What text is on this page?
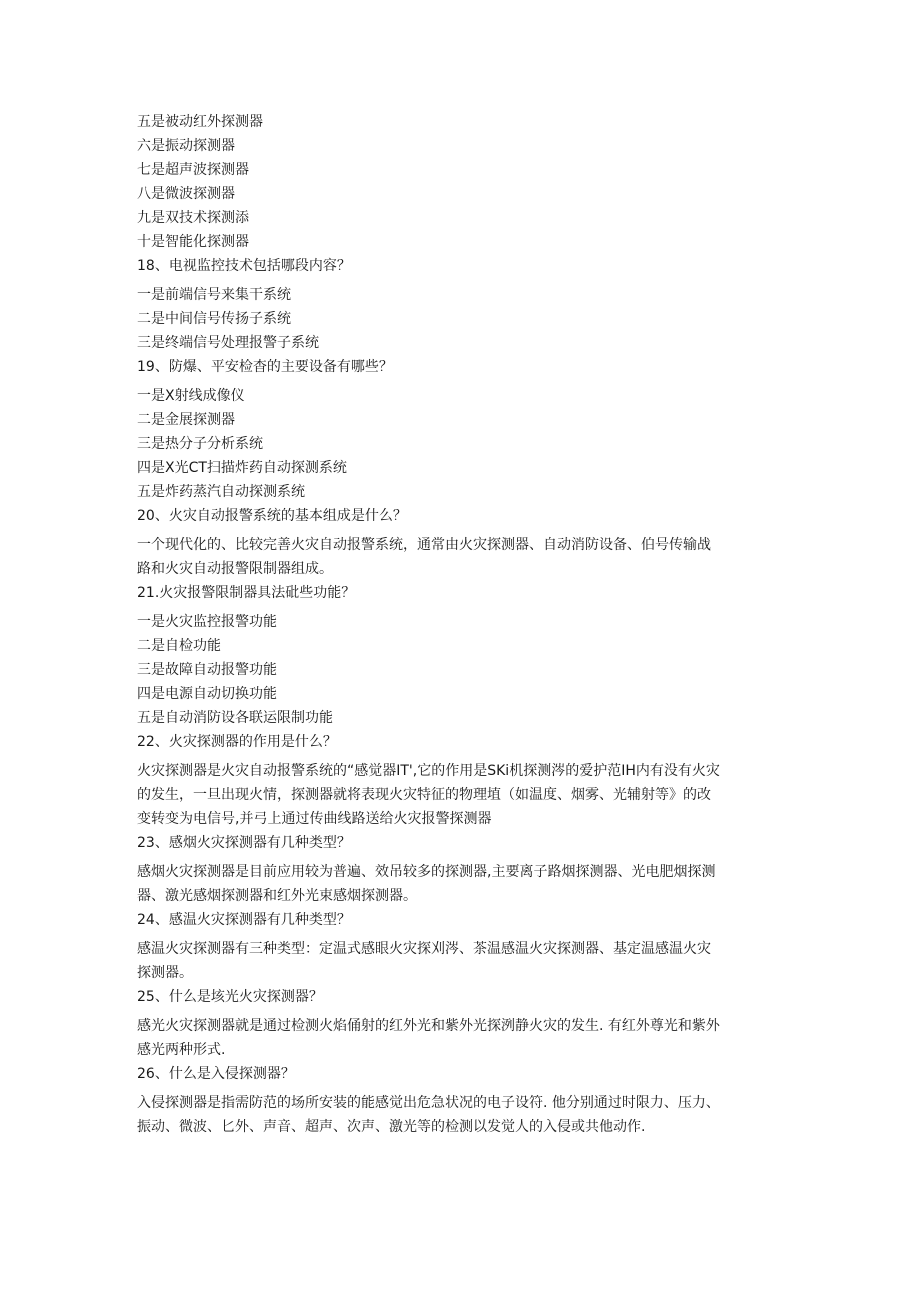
五是被动红外探测器
六是振动探测器
七是超声波探测器
八是微波探测器
九是双技术探测添
十是智能化探测器
18、电视监控技术包括哪段内容？
一是前端信号来集干系统
二是中间信号传扬子系统
三是终端信号处理报警子系统
19、防爆、平安检杳的主要设备有哪些？
一是X射线成像仪
二是金展探测器
三是热分子分析系统
四是X光CT扫描炸药自动探测系统
五是炸药蒸汽自动探测系统
20、火灾自动报警系统的基本组成是什么？
一个现代化的、比较完善火灾自动报警系统，通常由火灾探测器、自动消防设备、伯号传输战
路和火灾自动报警限制器组成。
21.火灾报警限制器具法砒些功能？
一是火灾监控报警功能
二是自检功能
三是故障自动报警功能
四是电源自动切换功能
五是自动消防设各联运限制功能
22、火灾探测器的作用是什么？
火灾探测器是火灾自动报警系统的“感觉器IT',它的作用是SKi机探测涔的爱护范IH内有没有火灾
的发生，一旦出现火情，探测器就将表现火灾特征的物理埴（如温度、烟雾、光辅射等》的改
变转变为电信号,并弓上通过传曲线路送给火灾报警探测器
23、感烟火灾探测器有几种类型？
感烟火灾探测器是目前应用较为普遍、效吊较多的探测器,主要离子路烟探测器、光电肥烟探测
器、激光感烟探测器和红外光束感烟探测器。
24、感温火灾探测器有几种类型？
感温火灾探测器有三种类型：定温式感眼火灾探刈涔、茶温感温火灾探测器、基定温感温火灾
探测器。
25、什么是垓光火灾探测器？
感光火灾探测器就是通过检测火焰俑射的红外光和紫外光探洌静火灾的发生. 有红外尊光和紫外
感光两种形式.
26、什么是入侵探测器？
入侵探测器是指需防范的场所安装的能感觉出危急状况的电子设符. 他分别通过时限力、压力、
振动、微波、匕外、声音、超声、次声、激光等的检测以发觉人的入侵或共他动作.
